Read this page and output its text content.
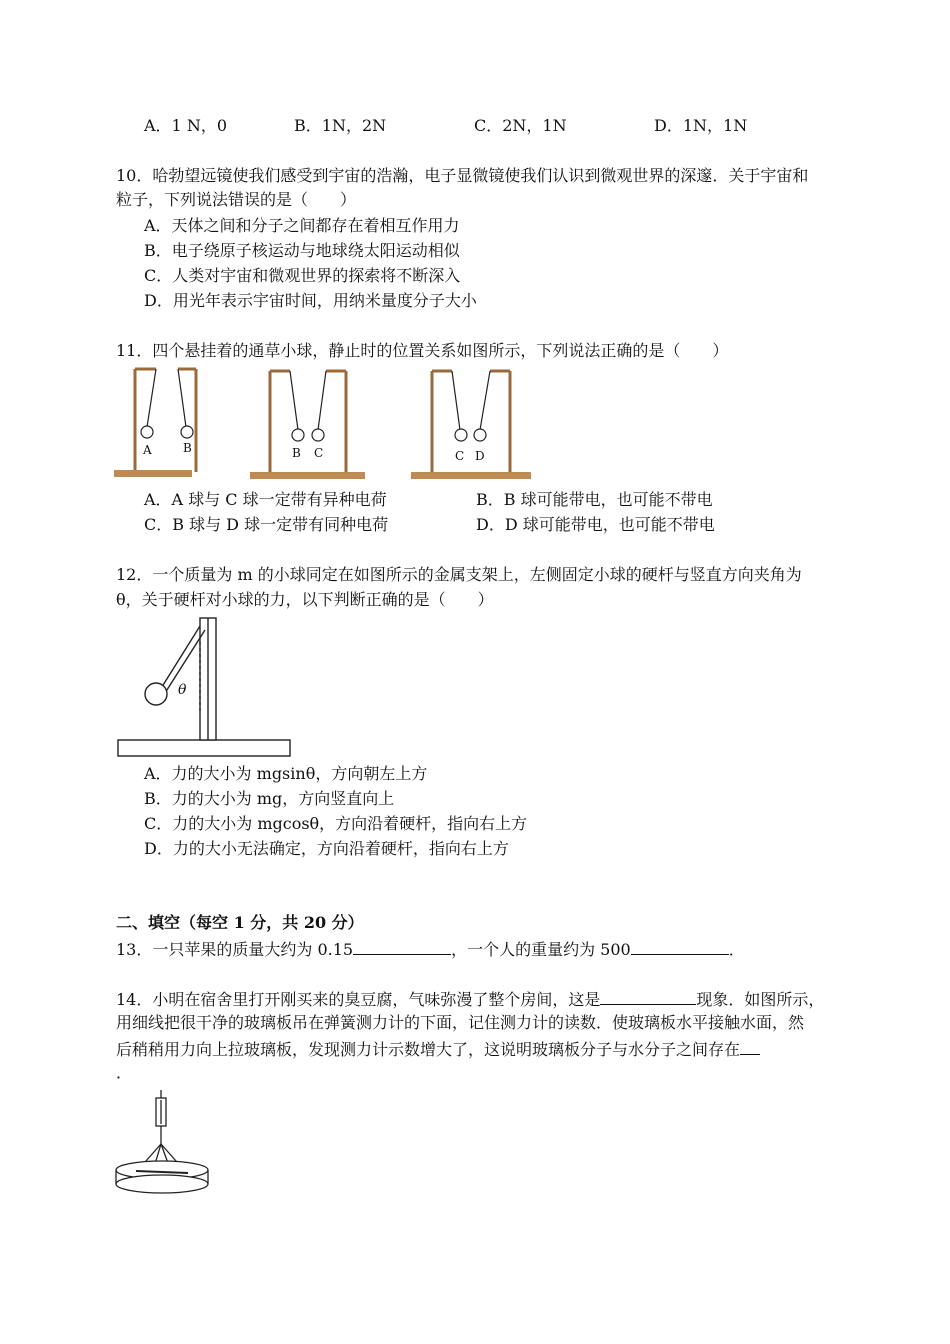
A．1 N，0	B．1N，2N	C．2N，1N	D．1N，1N
10．哈勃望远镜使我们感受到宇宙的浩瀚，电子显微镜使我们认识到微观世界的深邃．关于宇宙和
粒子，下列说法错误的是（　　）
A．天体之间和分子之间都存在着相互作用力
B．电子绕原子核运动与地球绕太阳运动相似
C．人类对宇宙和微观世界的探索将不断深入
D．用光年表示宇宙时间，用纳米量度分子大小
11．四个悬挂着的通草小球，静止时的位置关系如图所示，下列说法正确的是（　　）
A	B	B C	C D
A．A 球与 C 球一定带有异种电荷	B．B 球可能带电，也可能不带电
C．B 球与 D 球一定带有同种电荷	D．D 球可能带电，也可能不带电
12．一个质量为 m 的小球同定在如图所示的金属支架上，左侧固定小球的硬杆与竖直方向夹角为
θ，关于硬杆对小球的力，以下判断正确的是（　　）
θ
A．力的大小为 mgsinθ，方向朝左上方
B．力的大小为 mg，方向竖直向上
C．力的大小为 mgcosθ，方向沿着硬杆，指向右上方
D．力的大小无法确定，方向沿着硬杆，指向右上方
二、填空（每空 1 分，共 20 分）
13．一只苹果的质量大约为 0.15	，一个人的重量约为 500	．
14．小明在宿舍里打开刚买来的臭豆腐，气味弥漫了整个房间，这是	现象．如图所示，
用细线把很干净的玻璃板吊在弹簧测力计的下面，记住测力计的读数．使玻璃板水平接触水面，然
后稍稍用力向上拉玻璃板，发现测力计示数增大了，这说明玻璃板分子与水分子之间存在
．
